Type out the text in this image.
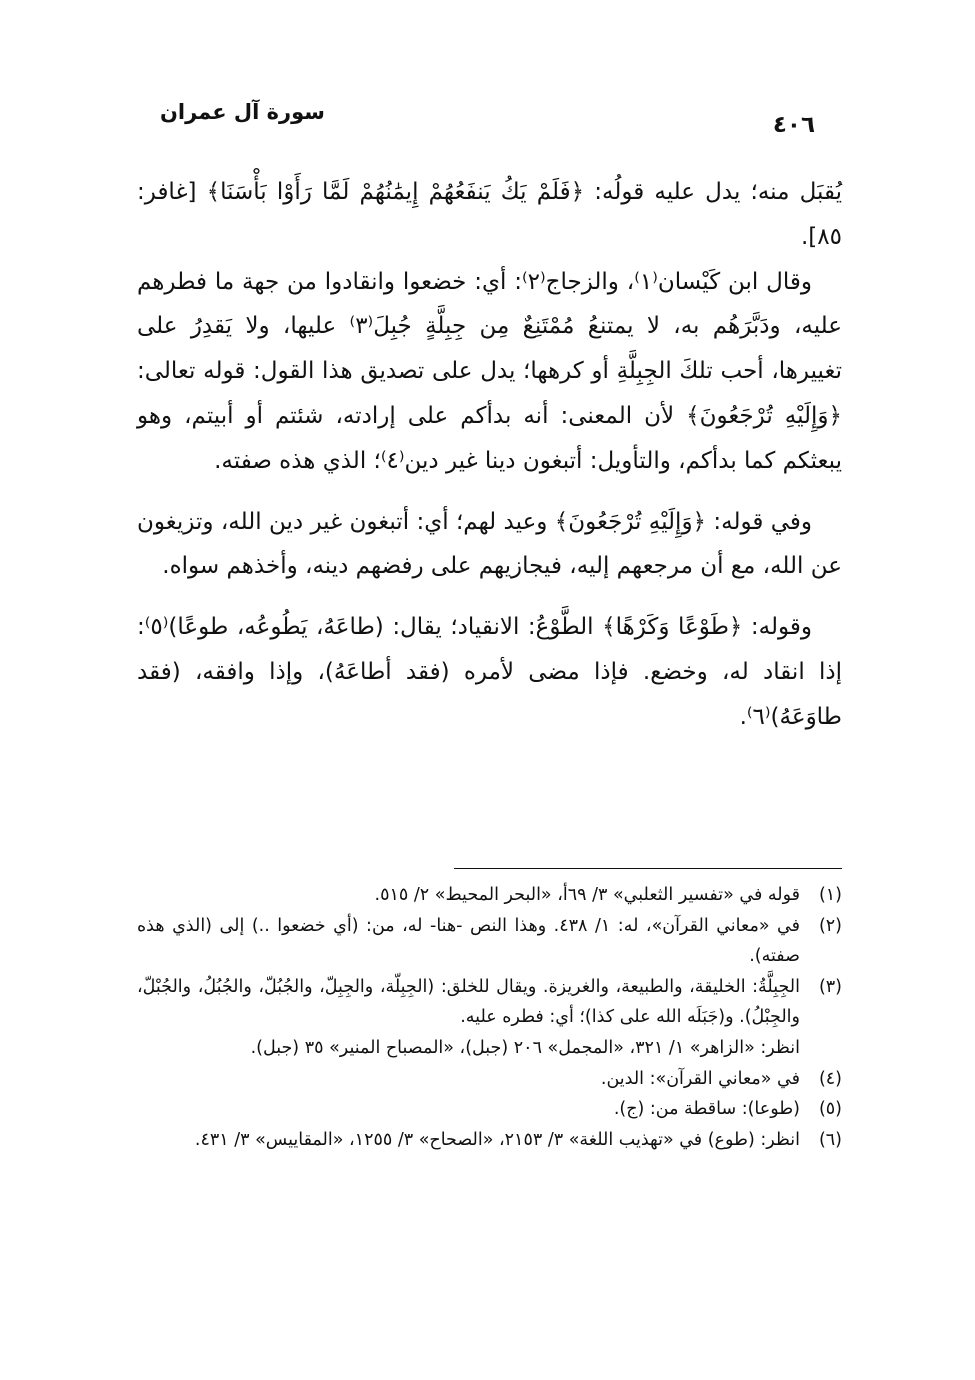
سورة آل عمران	٤٠٦

يُقبَل منه؛ يدل عليه قولُه: ﴿فَلَمْ يَكُ يَنفَعُهُمْ إِيمَٰنُهُمْ لَمَّا رَأَوْا بَأْسَنَا﴾ [غافر: ٨٥].

وقال ابن كَيْسان⁽١⁾، والزجاج⁽٢⁾: أي: خضعوا وانقادوا من جهة ما فطرهم عليه، ودَبَّرَهُم به، لا يمتنعُ مُمْتَنِعٌ مِن جِبِلَّةٍ جُبِلَ⁽٣⁾ عليها، ولا يَقدِرُ على تغييرها، أحب تلكَ الجِبِلَّةِ أو كرهها؛ يدل على تصديق هذا القول: قوله تعالى: ﴿وَإِلَيْهِ تُرْجَعُونَ﴾ لأن المعنى: أنه بدأكم على إرادته، شئتم أو أبيتم، وهو يبعثكم كما بدأكم، والتأويل: أتبغون دينا غير دين⁽٤⁾؛ الذي هذه صفته.

وفي قوله: ﴿وَإِلَيْهِ تُرْجَعُونَ﴾ وعيد لهم؛ أي: أتبغون غير دين الله، وتزيغون عن الله، مع أن مرجعهم إليه، فيجازيهم على رفضهم دينه، وأخذهم سواه.

وقوله: ﴿طَوْعًا وَكَرْهًا﴾ الطَّوْعُ: الانقياد؛ يقال: (طاعَهُ، يَطُوعُه، طوعًا)⁽٥⁾: إذا انقاد له، وخضع. فإذا مضى لأمره (فقد أطاعَهُ)، وإذا وافقه، (فقد طاوَعَهُ)⁽٦⁾.

(١)
قوله في «تفسير الثعلبي» ٣/ ٦٩أ، «البحر المحيط» ٢/ ٥١٥.
(٢)
في «معاني القرآن»، له: ١/ ٤٣٨. وهذا النص -هنا- له، من: (أي خضعوا ..) إلى (الذي هذه صفته).
(٣)
الجِبِلَّةُ: الخليقة، والطبيعة، والغريزة. ويقال للخلق: (الجِبِلّة، والجِبِلّ، والجُبُلّ، والجُبُلُ، والجُبْلّ، والجِبْلُ). و(جَبَلَه الله على كذا)؛ أي: فطره عليه.
انظر: «الزاهر» ١/ ٣٢١، «المجمل» ٢٠٦ (جبل)، «المصباح المنير» ٣٥ (جبل).
(٤)
في «معاني القرآن»: الدين.
(٥)
(طوعا): ساقطة من: (ج).
(٦)
انظر: (طوع) في «تهذيب اللغة» ٣/ ٢١٥٣، «الصحاح» ٣/ ١٢٥٥، «المقاييس» ٣/ ٤٣١.
